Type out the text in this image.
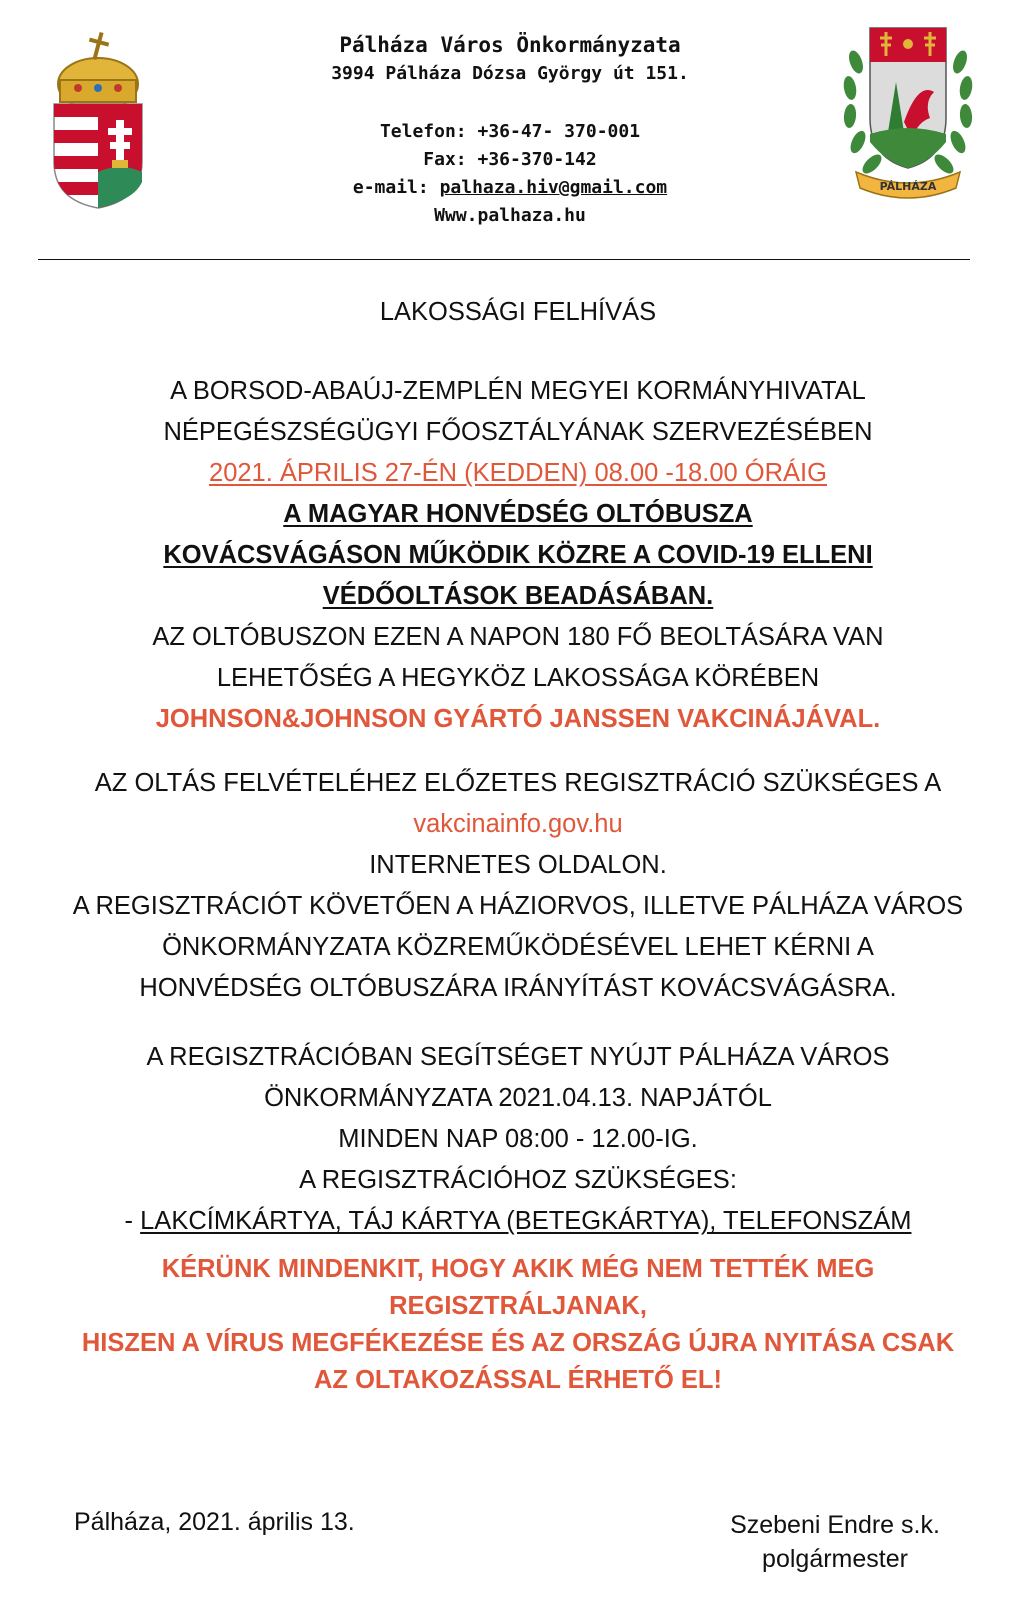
Pálháza Város Önkormányzata
3994 Pálháza Dózsa György út 151.
Telefon: +36-47- 370-001
Fax: +36-370-142
e-mail: palhaza.hiv@gmail.com
Www.palhaza.hu
PÁLHÁZA

LAKOSSÁGI FELHÍVÁS

A BORSOD-ABAÚJ-ZEMPLÉN MEGYEI KORMÁNYHIVATAL

NÉPEGÉSZSÉGÜGYI FŐOSZTÁLYÁNAK SZERVEZÉSÉBEN

2021. ÁPRILIS 27-ÉN (KEDDEN) 08.00 -18.00 ÓRÁIG

A MAGYAR HONVÉDSÉG OLTÓBUSZA

KOVÁCSVÁGÁSON MŰKÖDIK KÖZRE A COVID-19 ELLENI

VÉDŐOLTÁSOK BEADÁSÁBAN.

AZ OLTÓBUSZON EZEN A NAPON 180 FŐ BEOLTÁSÁRA VAN

LEHETŐSÉG A HEGYKÖZ LAKOSSÁGA KÖRÉBEN

JOHNSON&JOHNSON GYÁRTÓ JANSSEN VAKCINÁJÁVAL.

AZ OLTÁS FELVÉTELÉHEZ ELŐZETES REGISZTRÁCIÓ SZÜKSÉGES A

vakcinainfo.gov.hu

INTERNETES OLDALON.

A REGISZTRÁCIÓT KÖVETŐEN A HÁZIORVOS, ILLETVE PÁLHÁZA VÁROS

ÖNKORMÁNYZATA KÖZREMŰKÖDÉSÉVEL LEHET KÉRNI A

HONVÉDSÉG OLTÓBUSZÁRA IRÁNYÍTÁST KOVÁCSVÁGÁSRA.

A REGISZTRÁCIÓBAN SEGÍTSÉGET NYÚJT PÁLHÁZA VÁROS

ÖNKORMÁNYZATA 2021.04.13. NAPJÁTÓL

MINDEN NAP 08:00 - 12.00-IG.

A REGISZTRÁCIÓHOZ SZÜKSÉGES:

- LAKCÍMKÁRTYA, TÁJ KÁRTYA (BETEGKÁRTYA), TELEFONSZÁM

KÉRÜNK MINDENKIT, HOGY AKIK MÉG NEM TETTÉK MEG

REGISZTRÁLJANAK,

HISZEN A VÍRUS MEGFÉKEZÉSE ÉS AZ ORSZÁG ÚJRA NYITÁSA CSAK

AZ OLTAKOZÁSSAL ÉRHETŐ EL!

Pálháza, 2021. április 13.	Szebeni Endre s.k.
polgármester
